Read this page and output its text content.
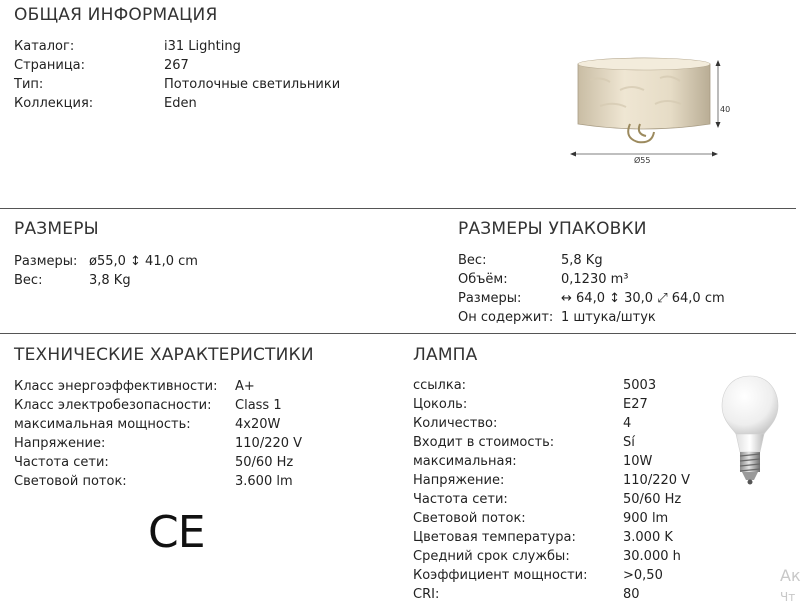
ОБЩАЯ ИНФОРМАЦИЯ
Каталог:	i31 Lighting
Страница:	267
Тип:	Потолочные светильники
Коллекция:	Eden	40
Ø55
РАЗМЕРЫ
Размеры: ø55,0 ↕ 41,0 cm
Вес:	3,8 Kg
РАЗМЕРЫ УПАКОВКИ
Вес:	5,8 Kg
Объём:	0,1230 m³
Размеры:	↔ 64,0 ↕ 30,0 ⤢ 64,0 cm
Он содержит: 1 штука/штук
ТЕХНИЧЕСКИЕ ХАРАКТЕРИСТИКИ
Класс энергоэффективности: A+
Класс электробезопасности: Class 1
максимальная мощность:	4x20W
Напряжение:	110/220 V
Частота сети:	50/60 Hz
Световой поток:	3.600 lm
CE
ЛАМПА
ссылка:	5003
Цоколь:	E27
Количество:	4
Входит в стоимость:	Sí
максимальная:	10W
Напряжение:	110/220 V
Частота сети:	50/60 Hz
Световой поток:	900 lm
Цветовая температура:	3.000 K
Средний срок службы:	30.000 h
Коэффициент мощности:	>0,50
CRI:	80
Ак
Чт
